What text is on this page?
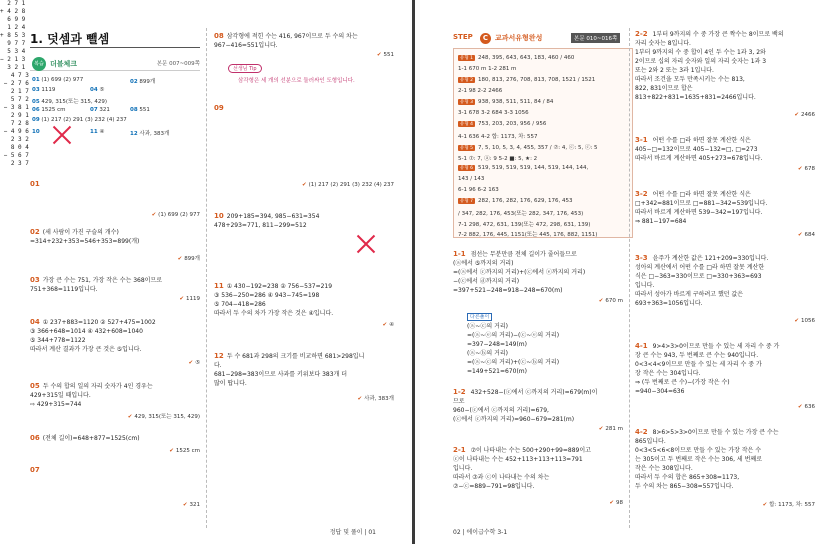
1. 덧셈과 뺄셈
복습 더블체크	본문 007~009쪽
01 (1) 699 (2) 977	02 899개
03 1119	04 ⑤
05 429, 315(또는 315, 429)
06 1525 cm	07 321	08 551
09 (1) 217 (2) 291 (3) 232 (4) 237
10	11 ④	12 사과, 383개
01
2 7 1
+ 4 2 8
6 9 9
1 2 4
+ 8 5 3
9 7 7
✔ (1) 699 (2) 977
02 (세 사람이 가진 구슬의 개수)
=314+232+353=546+353=899(개)
✔ 899개
03 가장 큰 수는 751, 가장 작은 수는 368이므로
751+368=1119입니다.
✔ 1119
04 ① 237+883=1120 ② 527+475=1002
③ 366+648=1014 ④ 432+608=1040
⑤ 344+778=1122
따라서 계산 결과가 가장 큰 것은 ⑤입니다.
✔ ⑤
05 두 수의 합의 일의 자리 숫자가 4인 경우는
429+315일 때입니다.
⇨ 429+315=744
✔ 429, 315(또는 315, 429)
06 (전체 길이)=648+877=1525(cm)
✔ 1525 cm
07
5 3 4
− 2 1 3
3 2 1
✔ 321
08 삼각형에 적힌 수는 416, 967이므로 두 수의 차는
967−416=551입니다.
✔ 551
선생님 Tip
삼각형은 세 개의 선분으로 둘러싸인 도형입니다.
09
4 7 3
− 2 7 6
2 1 7
5 7 2
− 3 8 1
2 9 1
7 2 8
− 4 9 6
2 3 2
8 0 4
− 5 6 7
2 3 7
✔ (1) 217 (2) 291 (3) 232 (4) 237
10 209+185=394, 985−631=354
478+293=771, 811−299=512
11 ① 430−192=238 ② 756−537=219
③ 536−250=286 ④ 943−745=198
⑤ 704−418=286
따라서 두 수의 차가 가장 작은 것은 ④입니다.
✔ ④
12 두 수 681과 298의 크기를 비교하면 681>298입니
다.
681−298=383이므로 사과를 키위보다 383개 더
많이 땁니다.
✔ 사과, 383개
정답 및 풀이 | 01
STEP	C 교과서유형완성	본문 010~016쪽
유형 1 248, 395, 643, 643, 183, 460 / 460
1-1 670 m 1-2 281 m
유형 2 180, 813, 276, 708, 813, 708, 1521 / 1521
2-1 98 2-2 2466
유형 3 938, 938, 511, 511, 84 / 84
3-1 678 3-2 684 3-3 1056
유형 4 753, 203, 203, 956 / 956
4-1 636 4-2 합: 1173, 차: 557
유형 5 7, 5, 10, 5, 3, 4, 455, 357 / ⑦: 4, ⓒ: 5, ⓒ: 5
5-1 ⑦: 7, ⓐ: 9 5-2 ■: 5, ★: 2
유형 6 519, 519, 519, 519, 144, 519, 144, 144,
143 / 143
6-1 96 6-2 163
유형 7 282, 176, 282, 176, 629, 176, 453
/ 347, 282, 176, 453(또는 282, 347, 176, 453)
7-1 298, 472, 631, 139(또는 472, 298, 631, 139)
7-2 882, 176, 445, 1151(또는 445, 176, 882, 1151)
1-1 점선는 무분만큼 전체 길이가 줄어들므로
(ⓐ에서 ⑤까지의 거리)
=(ⓐ에서 ⓒ까지의 거리)+(ⓒ에서 ⓔ까지의 거리)
−(ⓒ에서 ⓓ까지의 거리)
=397+521−248=918−248=670(m)
✔ 670 m
다른풀이
(ⓐ~ⓒ의 거리)
=(ⓐ~ⓔ의 거리)−(ⓒ~ⓔ의 거리)
=397−248=149(m)
(ⓐ~ⓑ의 거리)
=(ⓐ~ⓒ의 거리)+(ⓒ~ⓑ의 거리)
=149+521=670(m)
1-2 432+528−(ⓒ에서 ⓒ까지의 거리)=679(m)이
므로
960−(ⓒ에서 ⓒ까지의 거리)=679,
(ⓒ에서 ⓒ까지의 거리)=960−679=281(m)
✔ 281 m
2-1 ⑦이 나타내는 수는 500+290+99=889이고
ⓒ이 나타내는 수는 452+113+113+113=791
입니다.
따라서 ⑦과 ⓒ이 나타내는 수의 차는
⑦−ⓒ=889−791=98입니다.
✔ 98
2-2 1부터 9까지의 수 중 가장 큰 짝수는 8이므로 백의
자리 숫자는 8입니다.
1부터 9까지의 수 중 합이 4인 두 수는 1과 3, 2와
2이므로 십의 자리 숫자와 일의 자리 숫자는 1과 3
또는 2와 2 또는 3과 1입니다.
따라서 조건을 모두 만족시키는 수는 813,
822, 831이므로 합은
813+822+831=1635+831=2466입니다.
✔ 2466
3-1 어떤 수를 □라 하면 잘못 계산한 식은
405−□=132이므로 405−132=□, □=273
따라서 바르게 계산하면 405+273=678입니다.
✔ 678
3-2 어떤 수를 □라 하면 잘못 계산한 식은
□+342=881이므로 □=881−342=539입니다.
따라서 바르게 계산하면 539−342=197입니다.
⇒ 881−197=684
✔ 684
3-3 윤주가 계산한 값은 121+209=330입니다.
성아의 계산에서 어떤 수를 □라 하면 잘못 계산한
식은 □−363=330이므로 □=330+363=693
입니다.
따라서 성아가 바르게 구하려고 했던 값은
693+363=1056입니다.
✔ 1056
4-1 9>4>3>0이므로 만들 수 있는 세 자리 수 중 가
장 큰 수는 943, 두 번째로 큰 수는 940입니다.
0<3<4<9이므로 만들 수 있는 세 자리 수 중 가
장 작은 수는 304입니다.
⇒ (두 번째로 큰 수)−(가장 작은 수)
=940−304=636
✔ 636
4-2 8>6>5>3>0이므로 만들 수 있는 가장 큰 수는
865입니다.
0<3<5<6<8이므로 만들 수 있는 가장 작은 수
는 305이고 두 번째로 작은 수는 306, 세 번째로
작은 수는 308입니다.
따라서 두 수의 합은 865+308=1173,
두 수의 차는 865−308=557입니다.
✔ 합: 1173, 차: 557
02 | 에이급수학 3-1
